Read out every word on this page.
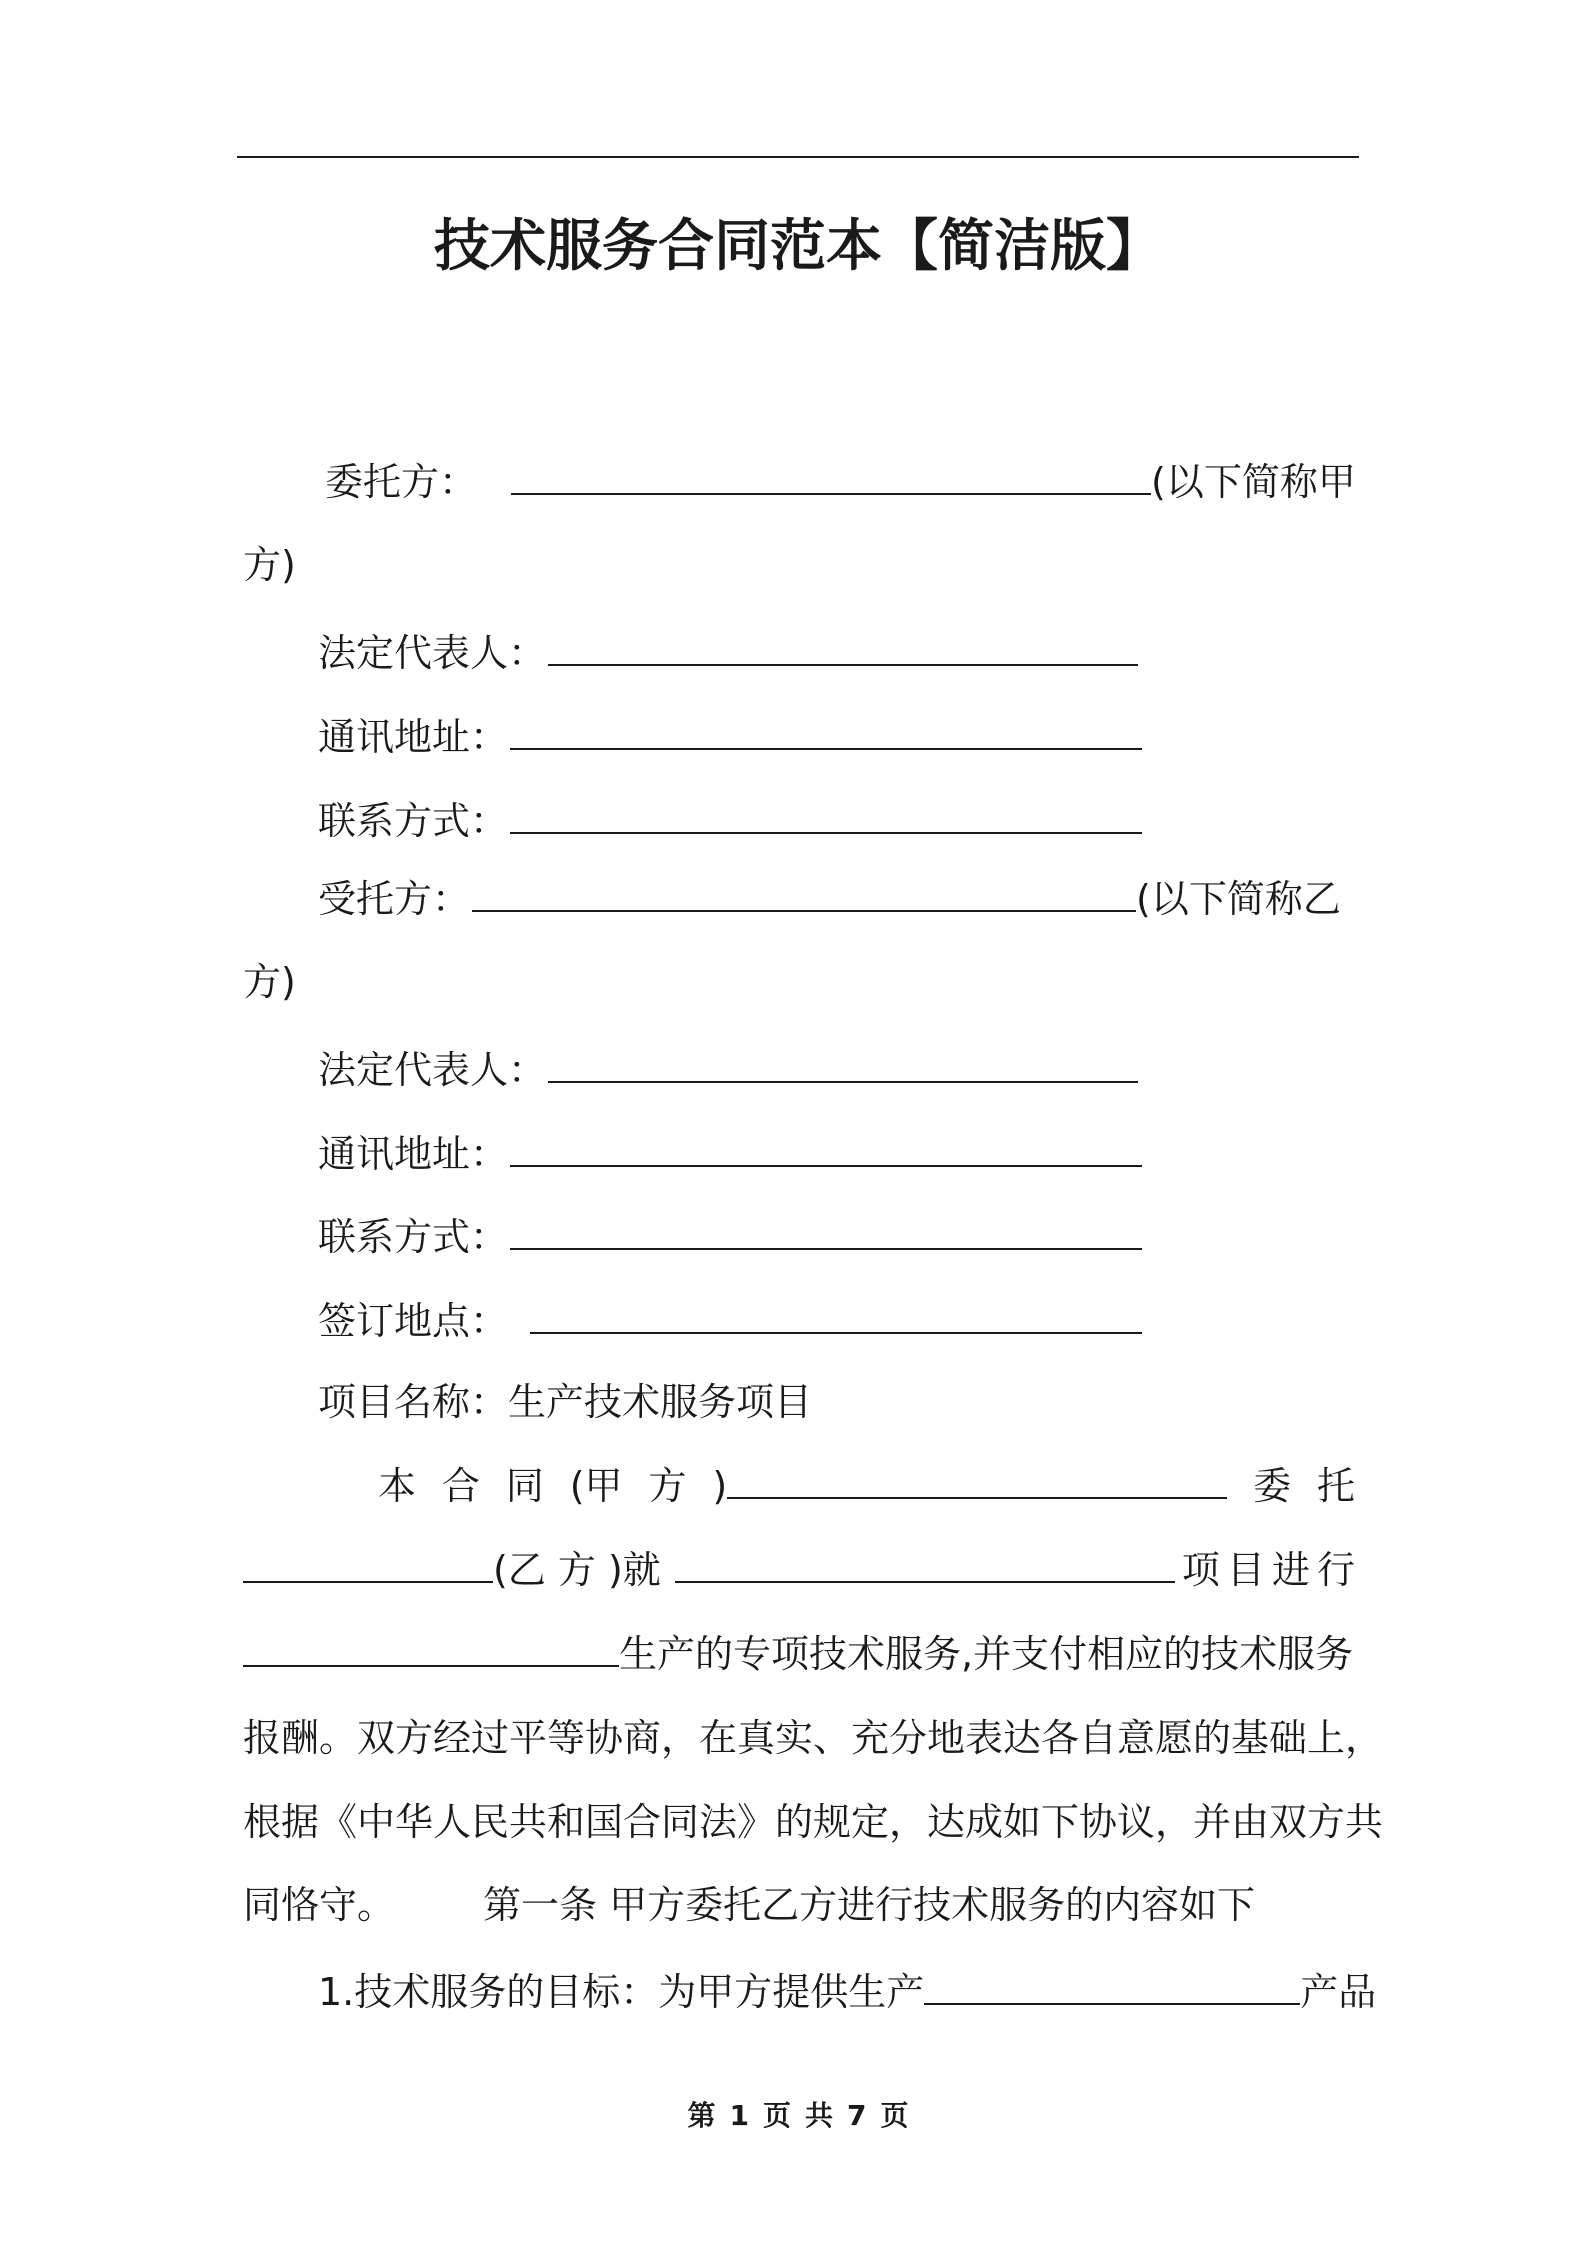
技术服务合同范本【简洁版】
委托方：	(以下简称甲
方)
法定代表人：
通讯地址：
联系方式：
受托方：	(以下简称乙
方)
法定代表人：
通讯地址：
联系方式：
签订地点：
项目名称：生产技术服务项目
本 合 同 (甲 方 )	委 托
(乙 方 )就	项 目 进 行
生产的专项技术服务,并支付相应的技术服务
报酬。双方经过平等协商，在真实、充分地表达各自意愿的基础上，
根据《中华人民共和国合同法》的规定，达成如下协议，并由双方共
同恪守。 第一条 甲方委托乙方进行技术服务的内容如下
1.技术服务的目标：为甲方提供生产	产品
第 1 页 共 7 页
